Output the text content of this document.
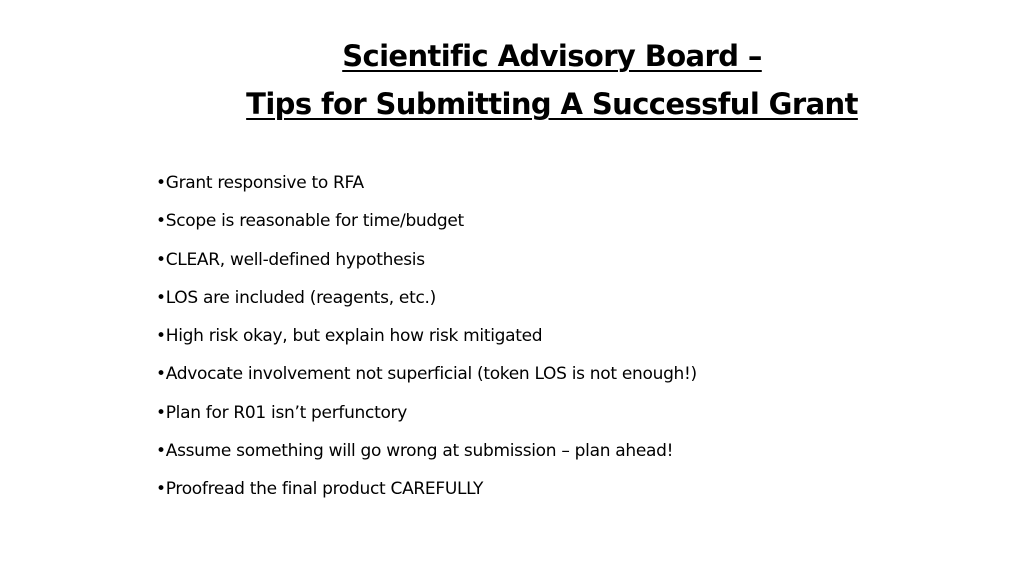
Scientific Advisory Board –
Tips for Submitting A Successful Grant
•Grant responsive to RFA
•Scope is reasonable for time/budget
•CLEAR, well-defined hypothesis
•LOS are included (reagents, etc.)
•High risk okay, but explain how risk mitigated
•Advocate involvement not superficial (token LOS is not enough!)
•Plan for R01 isn’t perfunctory
•Assume something will go wrong at submission – plan ahead!
•Proofread the final product CAREFULLY
